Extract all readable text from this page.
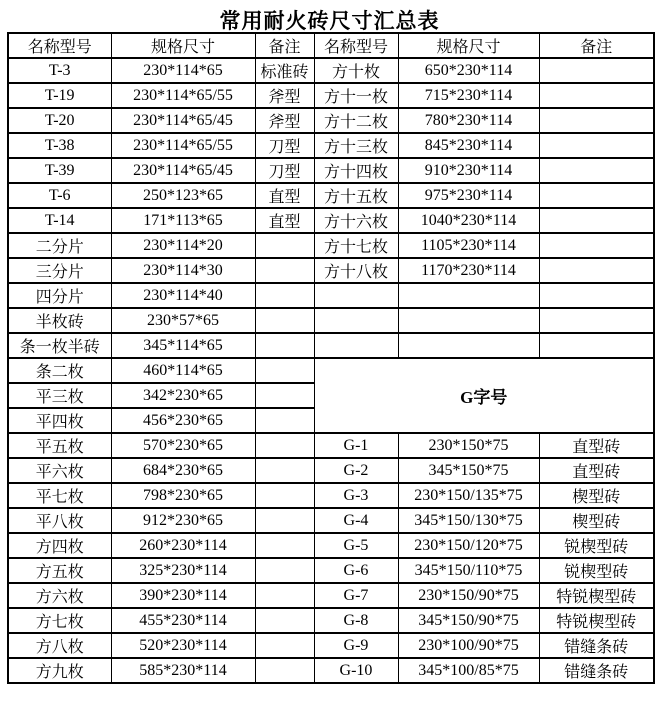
常用耐火砖尺寸汇总表
名称型号	规格尺寸	备注	名称型号	规格尺寸	备注
T-3	230*114*65	标准砖	方十枚	650*230*114	
T-19	230*114*65/55	斧型	方十一枚	715*230*114	
T-20	230*114*65/45	斧型	方十二枚	780*230*114	
T-38	230*114*65/55	刀型	方十三枚	845*230*114	
T-39	230*114*65/45	刀型	方十四枚	910*230*114	
T-6	250*123*65	直型	方十五枚	975*230*114	
T-14	171*113*65	直型	方十六枚	1040*230*114	
二分片	230*114*20		方十七枚	1105*230*114	
三分片	230*114*30		方十八枚	1170*230*114	
四分片	230*114*40				
半枚砖	230*57*65				
条一枚半砖	345*114*65				
条二枚	460*114*65		G字号		
平三枚	342*230*65				
平四枚	456*230*65				
平五枚	570*230*65		G-1	230*150*75	直型砖
平六枚	684*230*65		G-2	345*150*75	直型砖
平七枚	798*230*65		G-3	230*150/135*75	楔型砖
平八枚	912*230*65		G-4	345*150/130*75	楔型砖
方四枚	260*230*114		G-5	230*150/120*75	锐楔型砖
方五枚	325*230*114		G-6	345*150/110*75	锐楔型砖
方六枚	390*230*114		G-7	230*150/90*75	特锐楔型砖
方七枚	455*230*114		G-8	345*150/90*75	特锐楔型砖
方八枚	520*230*114		G-9	230*100/90*75	错缝条砖
方九枚	585*230*114		G-10	345*100/85*75	错缝条砖
